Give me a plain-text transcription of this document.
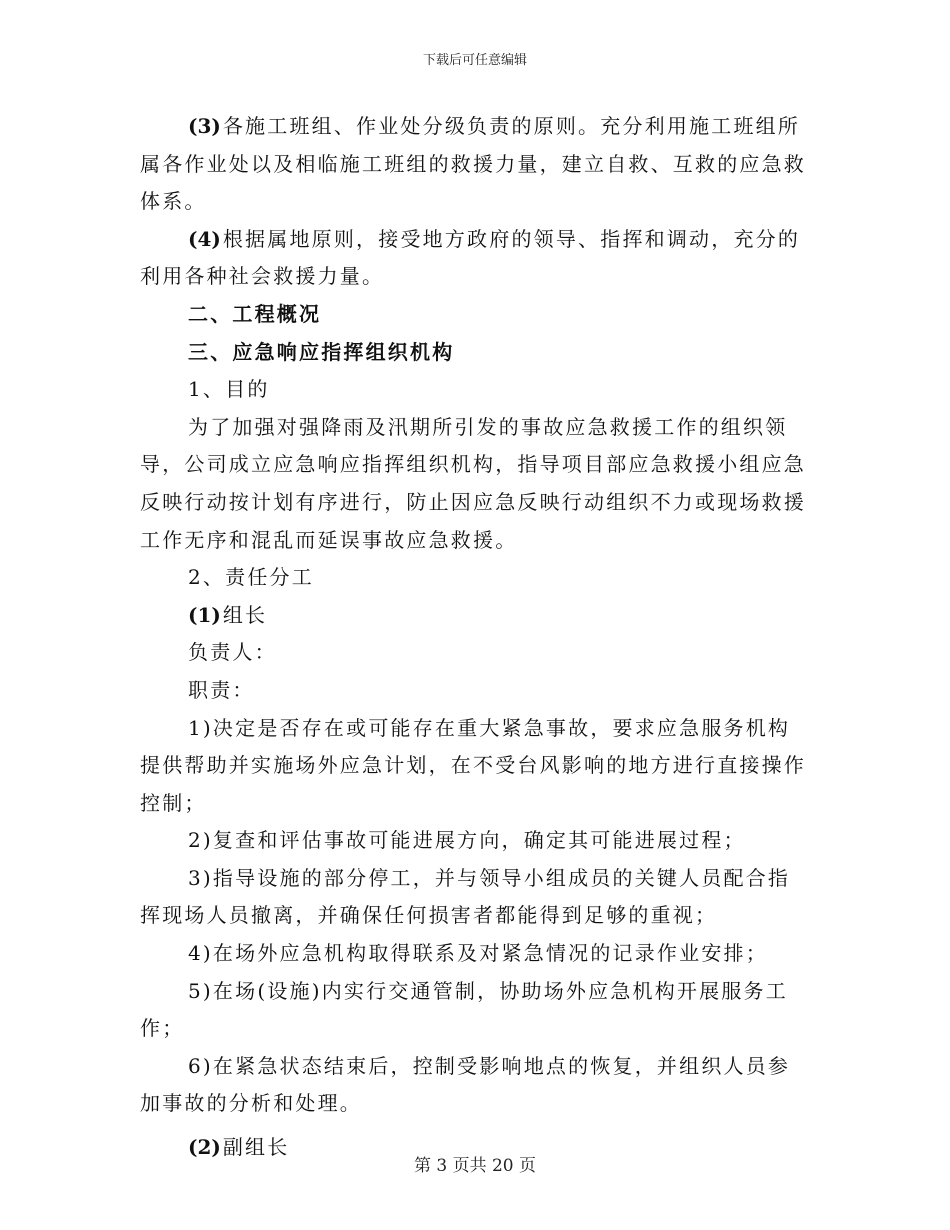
下载后可任意编辑

(3) 各施工班组、作业处分级负责的原则。充分利用施工班组所属各作业处以及相临施工班组的救援力量，建立自救、互救的应急救体系。

(4) 根据属地原则，接受地方政府的领导、指挥和调动，充分的利用各种社会救援力量。

二、工程概况

三、应急响应指挥组织机构

1、目的

为了加强对强降雨及汛期所引发的事故应急救援工作的组织领导，公司成立应急响应指挥组织机构，指导项目部应急救援小组应急反映行动按计划有序进行，防止因应急反映行动组织不力或现场救援工作无序和混乱而延误事故应急救援。

2、责任分工

(1) 组长

负责人：

职责：

1)决定是否存在或可能存在重大紧急事故，要求应急服务机构提供帮助并实施场外应急计划，在不受台风影响的地方进行直接操作控制；

2)复查和评估事故可能进展方向，确定其可能进展过程；

3)指导设施的部分停工，并与领导小组成员的关键人员配合指挥现场人员撤离，并确保任何损害者都能得到足够的重视；

4)在场外应急机构取得联系及对紧急情况的记录作业安排；

5)在场(设施)内实行交通管制，协助场外应急机构开展服务工作；

6)在紧急状态结束后，控制受影响地点的恢复，并组织人员参加事故的分析和处理。

(2) 副组长

第 3 页共 20 页
